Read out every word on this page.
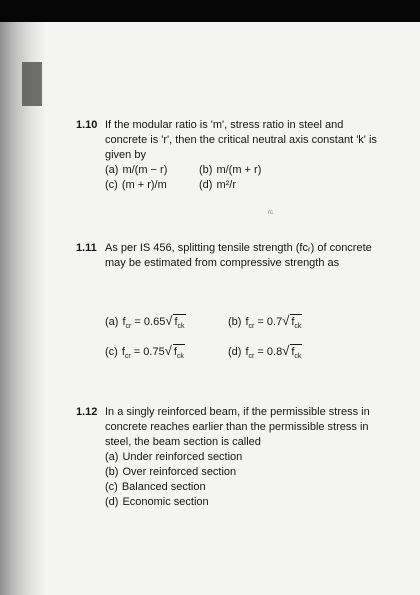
1.10 If the modular ratio is 'm', stress ratio in steel and concrete is 'r', then the critical neutral axis constant 'k' is given by
(a) m/(m − r)	(b) m/(m + r)
(c) (m + r)/m	(d) m²/r
rc
1.11 As per IS 456, splitting tensile strength (fᴄᵣ) of concrete may be estimated from compressive strength as
(a) $f_{cr} = 0.65√$ $f_{ck}$	(b) $f_{cr} = 0.7√$ $f_{ck}$
(c) $f_{cr} = 0.75√$ $f_{ck}$	(d) $f_{cr} = 0.8√$ $f_{ck}$
1.12 In a singly reinforced beam, if the permissible stress in concrete reaches earlier than the permissible stress in steel, the beam section is called
(a) Under reinforced section
(b) Over reinforced section
(c) Balanced section
(d) Economic section
